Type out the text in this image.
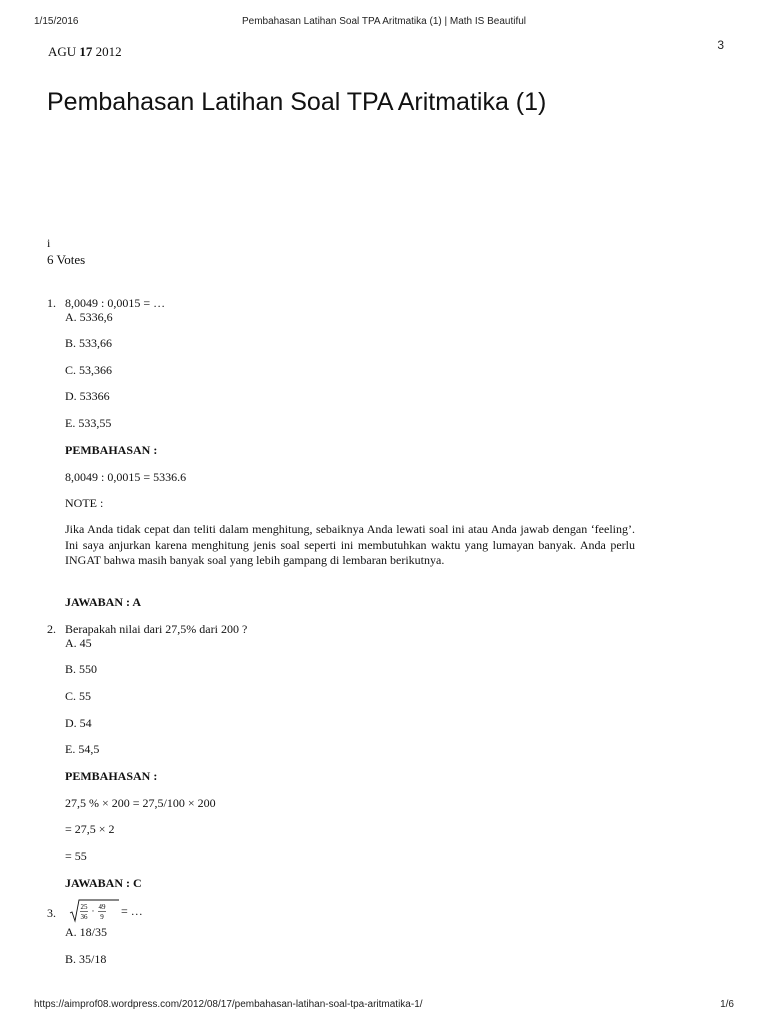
1/15/2016	Pembahasan Latihan Soal TPA Aritmatika (1) | Math IS Beautiful
3
AGU 17 2012
Pembahasan Latihan Soal TPA Aritmatika (1)
i
6 Votes
1. 8,0049 : 0,0015 = …
A. 5336,6
B. 533,66
C. 53,366
D. 53366
E. 533,55
PEMBAHASAN :
8,0049 : 0,0015 = 5336.6
NOTE :
JAWABAN : A
Jika Anda tidak cepat dan teliti dalam menghitung, sebaiknya Anda lewati soal ini atau Anda jawab dengan ‘feeling’. Ini saya anjurkan karena menghitung jenis soal seperti ini membutuhkan waktu yang lumayan banyak. Anda perlu INGAT bahwa masih banyak soal yang lebih gampang di lembaran berikutnya.
2. Berapakah nilai dari 27,5% dari 200 ?
A. 45
B. 550
C. 55
D. 54
E. 54,5
PEMBAHASAN :
27,5 % × 200 = 27,5/100 × 200
= 27,5 × 2
= 55
JAWABAN : C
3.	25
36
· 49
9 = …
A. 18/35
B. 35/18
https://aimprof08.wordpress.com/2012/08/17/pembahasan-latihan-soal-tpa-aritmatika-1/	1/6
